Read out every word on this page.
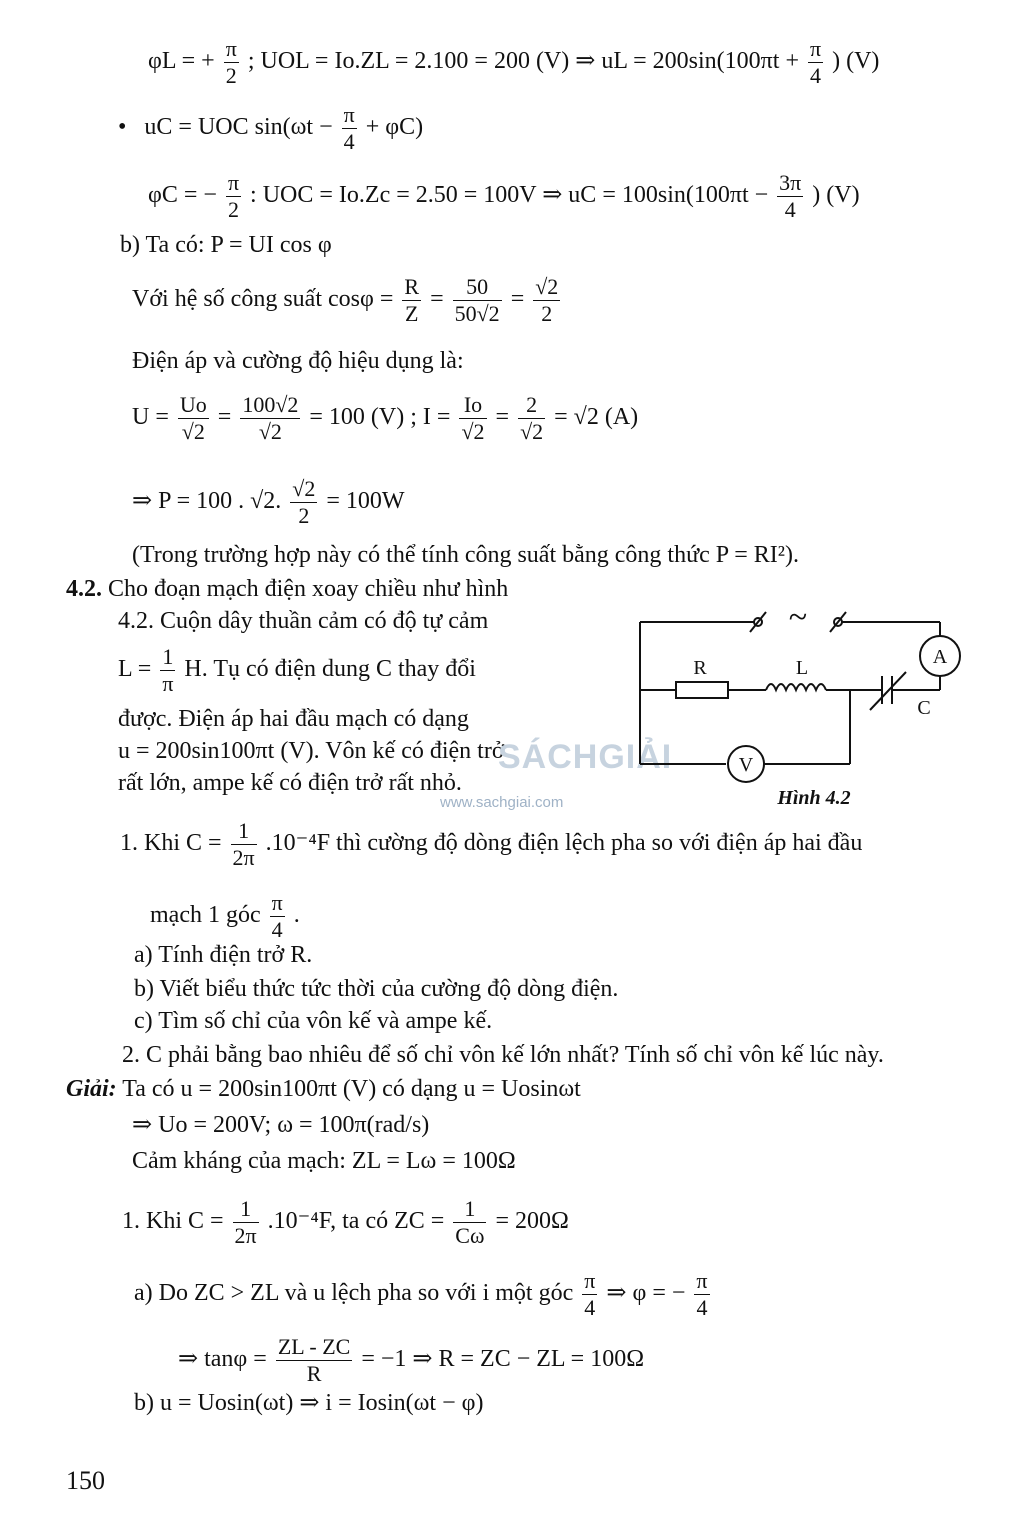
φL = + $\frac{\pi}{2}$ ; UOL = Io.ZL = 2.100 = 200 (V) ⇒ uL = $200\sin(100\pi t + \frac{\pi}{4}$ ) (V)
• uC = UOC $\sin(\omega t - \frac{\pi}{4} + \varphi C)$
φC = − $\frac{\pi}{2}$ : UOC = Io.Zc = 2.50 = 100V ⇒ uC = $100\sin(100\pi t - \frac{3\pi}{4}$ ) (V)
b) Ta có: P = UI cos φ
Với hệ số công suất $\cos\varphi = \frac{R}{Z} = \frac{50}{50√2} = \frac{√2}{2}$
Điện áp và cường độ hiệu dụng là:
$U = \frac{Uo}{√2} = \frac{100√2}{√2} = 100$ (V) ; $I = \frac{Io}{√2} = \frac{2}{√2} = √2$ (A)
⇒ P = 100 . √2. $\frac{√2}{2} = 100W$
(Trong trường hợp này có thể tính công suất bằng công thức P = RI²).
4.2. Cho đoạn mạch điện xoay chiều như hình
4.2. Cuộn dây thuần cảm có độ tự cảm
$L = \frac{1}{\pi} H$. Tụ có điện dung C thay đổi
được. Điện áp hai đầu mạch có dạng
u = 200sin100πt (V). Vôn kế có điện trở
rất lớn, ampe kế có điện trở rất nhỏ.
SÁCHGIẢI
www.sachgiai.com
~
A
V
R	L
C
Hình 4.2
1. Khi $C = \frac{1}{2\pi} .10^{-4}F$ thì cường độ dòng điện lệch pha so với điện áp hai đầu
mạch 1 góc $\frac{\pi}{4}$ .
a) Tính điện trở R.
b) Viết biểu thức tức thời của cường độ dòng điện.
c) Tìm số chỉ của vôn kế và ampe kế.
2. C phải bằng bao nhiêu để số chỉ vôn kế lớn nhất? Tính số chỉ vôn kế lúc này.
Giải: Ta có u = 200sin100πt (V) có dạng u = Uosinωt
⇒ Uo = 200V; ω = 100π(rad/s)
Cảm kháng của mạch: ZL = Lω = 100Ω
1. Khi $C = \frac{1}{2\pi} .10^{-4}F$, ta có ZC = $\frac{1}{C\omega} = 200\Omega$
a) Do ZC > ZL và u lệch pha so với i một góc $\frac{\pi}{4}$ ⇒ φ = − $\frac{\pi}{4}$
⇒ $\tan\varphi = \frac{ZL - ZC}{R} = -1$ ⇒ R = ZC − ZL = 100Ω
b) u = Uosin(ωt) ⇒ i = Iosin(ωt − φ)
150
